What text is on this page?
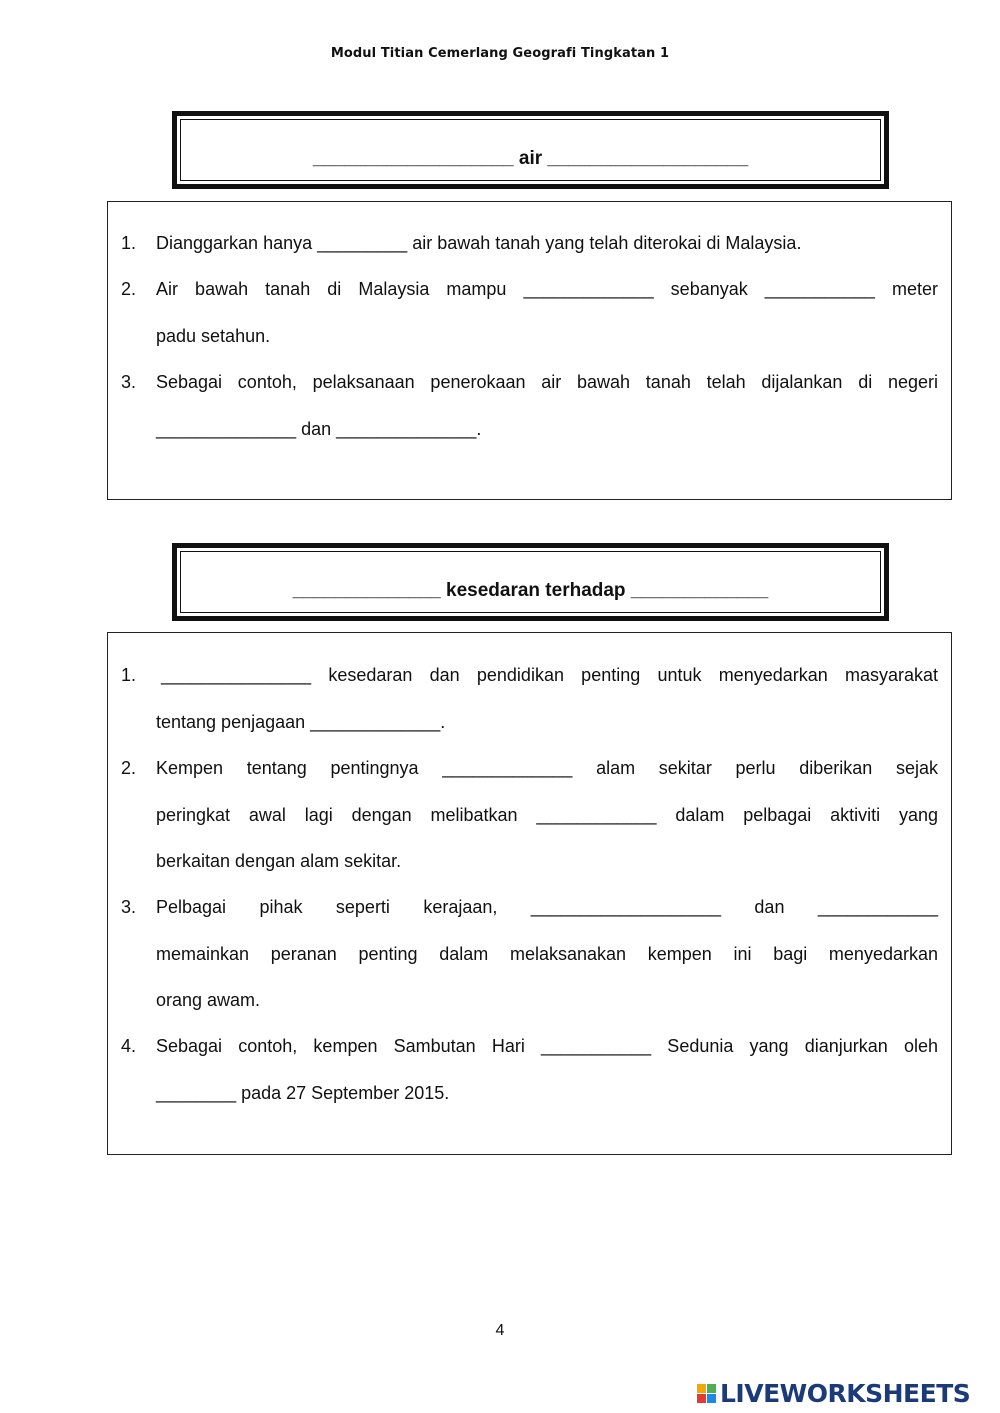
Modul Titian Cemerlang Geografi Tingkatan 1
___________________ air ___________________
1. Dianggarkan hanya _________ air bawah tanah yang telah diterokai di Malaysia.
2. Air bawah tanah di Malaysia mampu _____________ sebanyak ___________ meter
padu setahun.
3. Sebagai contoh, pelaksanaan penerokaan air bawah tanah telah dijalankan di negeri
______________ dan ______________.
______________ kesedaran terhadap _____________
1. _______________ kesedaran dan pendidikan penting untuk menyedarkan masyarakat
tentang penjagaan _____________.
2. Kempen tentang pentingnya _____________ alam sekitar perlu diberikan sejak
peringkat awal lagi dengan melibatkan ____________ dalam pelbagai aktiviti yang
berkaitan dengan alam sekitar.
3. Pelbagai pihak seperti kerajaan, ___________________ dan ____________
memainkan peranan penting dalam melaksanakan kempen ini bagi menyedarkan
orang awam.
4. Sebagai contoh, kempen Sambutan Hari ___________ Sedunia yang dianjurkan oleh
________ pada 27 September 2015.
4
LIVEWORKSHEETS
